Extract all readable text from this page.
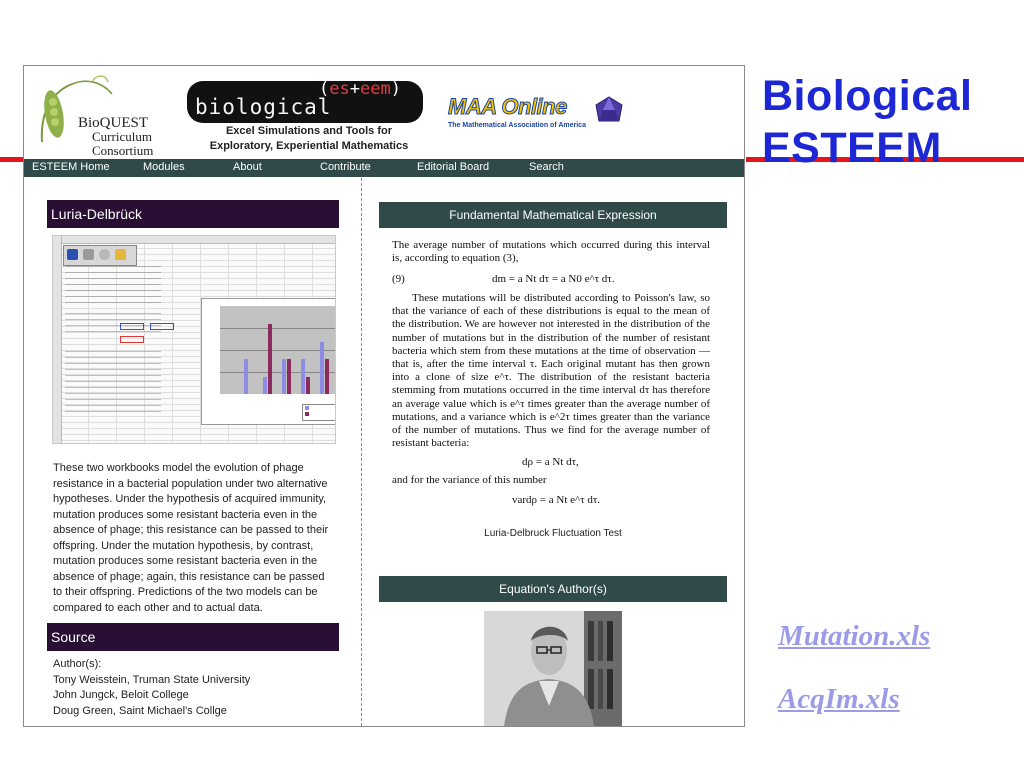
Biological
ESTEEM
Mutation.xls
AcqIm.xls
BioQUEST
Curriculum
Consortium
biological
(es+eem)
Excel Simulations and Tools for
Exploratory, Experiential Mathematics
MAA Online
The Mathematical Association of America
ESTEEM Home	Modules	About	Contribute	Editorial Board	Search
Luria-Delbrück
These two workbooks model the evolution of phage resistance in a bacterial population under two alternative hypotheses. Under the hypothesis of acquired immunity, mutation produces some resistant bacteria even in the absence of phage; this resistance can be passed to their offspring. Under the mutation hypothesis, by contrast, mutation produces some resistant bacteria even in the absence of phage; again, this resistance can be passed to their offspring. Predictions of the two models can be compared to each other and to actual data.
Source
Author(s):
Tony Weisstein, Truman State University
John Jungck, Beloit College
Doug Green, Saint Michael's Collge
Fundamental Mathematical Expression
The average number of mutations which occurred during this interval is, according to equation (3),
(9)	dm = a Nt dτ = a N0 e^τ dτ.
These mutations will be distributed according to Poisson's law, so that the variance of each of these distributions is equal to the mean of the distribution. We are however not interested in the distribution of the number of mutations but in the distribution of the number of resistant bacteria which stem from these mutations at the time of observation — that is, after the time interval τ. Each original mutant has then grown into a clone of size e^τ. The distribution of the resistant bacteria stemming from mutations occurred in the time interval dτ has therefore an average value which is e^τ times greater than the average number of mutations, and a variance which is e^2τ times greater than the variance of the number of mutations. Thus we find for the average number of resistant bacteria:
dρ = a Nt dτ,
and for the variance of this number
vardρ = a Nt e^τ dτ.
Luria-Delbruck Fluctuation Test
Equation's Author(s)
